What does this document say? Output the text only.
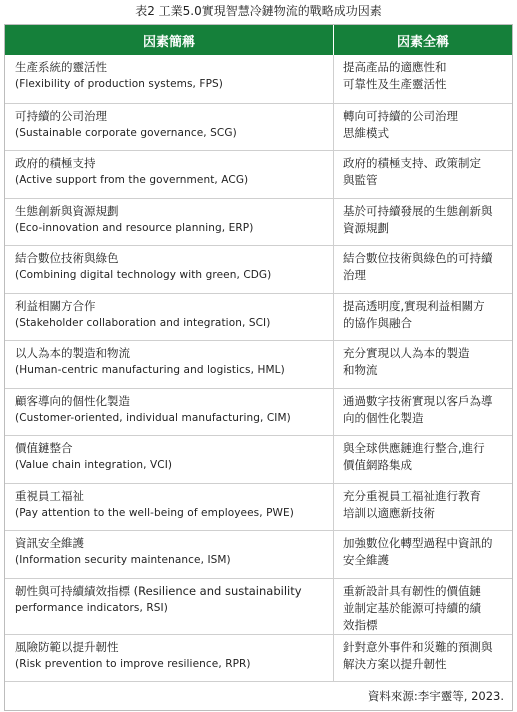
表2 工業5.0實現智慧冷鏈物流的戰略成功因素
因素簡稱	因素全稱
生產系統的靈活性
(Flexibility of production systems, FPS)
提高產品的適應性和
可靠性及生產靈活性
可持續的公司治理
(Sustainable corporate governance, SCG)
轉向可持續的公司治理
思維模式
政府的積極支持
(Active support from the government, ACG)
政府的積極支持、政策制定
與監管
生態創新與資源規劃
(Eco-innovation and resource planning, ERP)
基於可持續發展的生態創新與
資源規劃
結合數位技術與綠色
(Combining digital technology with green, CDG)
結合數位技術與綠色的可持續
治理
利益相關方合作
(Stakeholder collaboration and integration, SCI)
提高透明度,實現利益相關方
的協作與融合
以人為本的製造和物流
(Human-centric manufacturing and logistics, HML)
充分實現以人為本的製造
和物流
顧客導向的個性化製造
(Customer-oriented, individual manufacturing, CIM)
通過數字技術實現以客戶為導
向的個性化製造
價值鏈整合
(Value chain integration, VCI)
與全球供應鏈進行整合,進行
價值網路集成
重視員工福祉
(Pay attention to the well-being of employees, PWE)
充分重視員工福祉進行教育
培訓以適應新技術
資訊安全維護
(Information security maintenance, ISM)
加強數位化轉型過程中資訊的
安全維護
韌性與可持續績效指標 (Resilience and sustainability
performance indicators, RSI)
重新設計具有韌性的價值鏈
並制定基於能源可持續的績
效指標
風險防範以提升韌性
(Risk prevention to improve resilience, RPR)
針對意外事件和災難的預測與
解決方案以提升韌性
資料來源:李宇靈等, 2023.
